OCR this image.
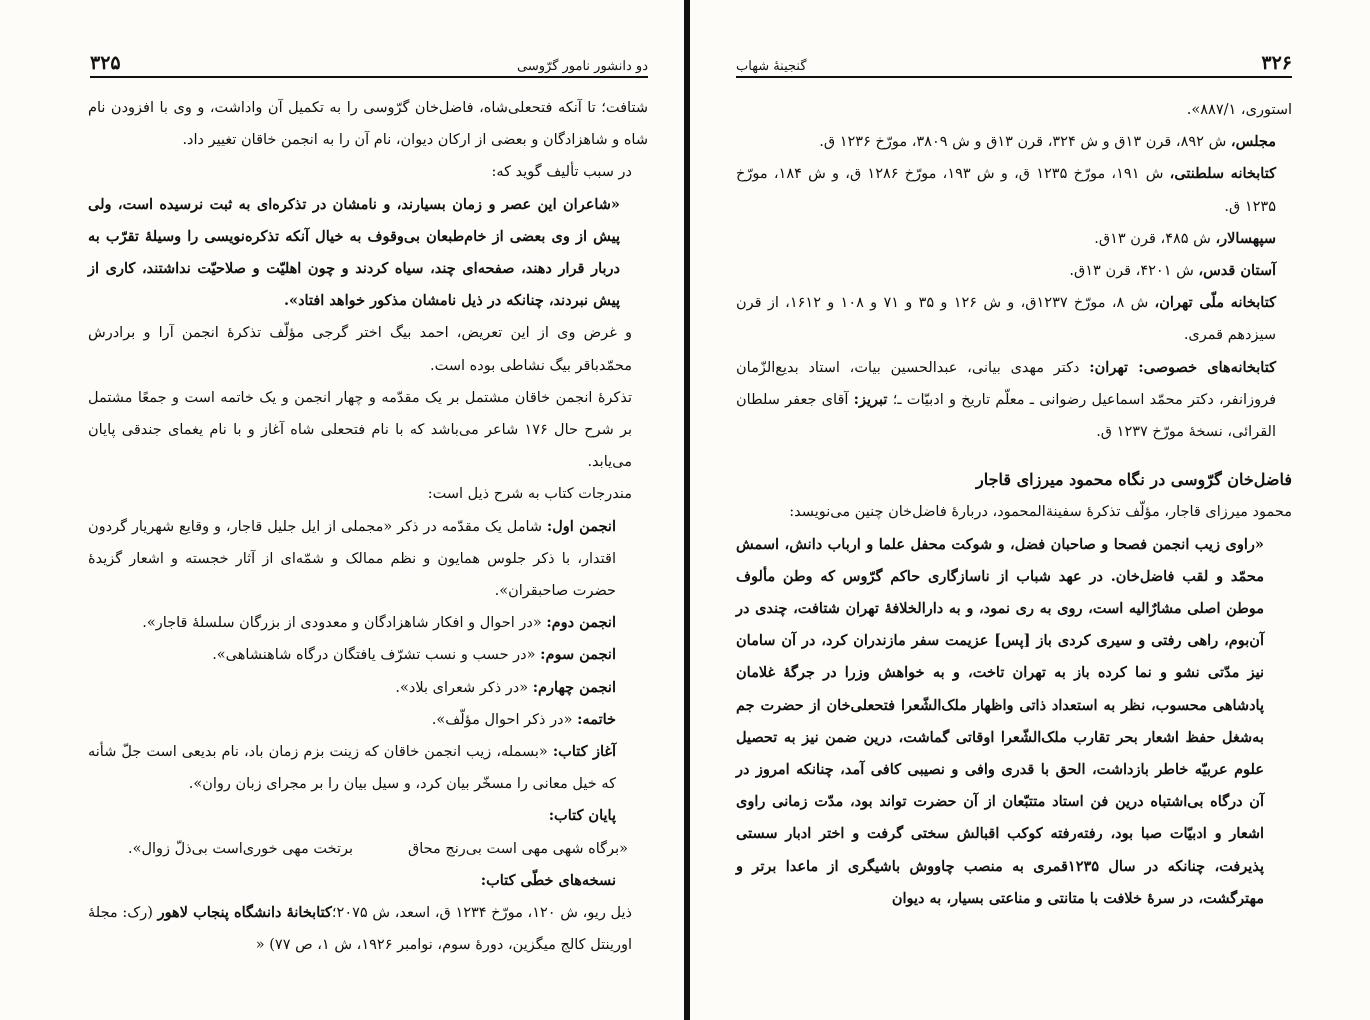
۳۲۵	دو دانشور نامور گرّوسی

شتافت؛ تا آنکه فتحعلی‌شاه، فاضل‌خان گرّوسی را به تکمیل آن واداشت، و وی با افزودن نام شاه و شاهزادگان و بعضی از ارکان دیوان، نام آن را به انجمن خاقان تغییر داد.

در سبب تألیف گوید که:

«شاعران این عصر و زمان بسیارند، و نامشان در تذکره‌ای به ثبت نرسیده است، ولی پیش از وی بعضی از خام‌طبعان بی‌وقوف به خیال آنکه تذکره‌نویسی را وسیلهٔ تقرّب به دربار قرار دهند، صفحه‌ای چند، سیاه کردند و چون اهلیّت و صلاحیّت نداشتند، کاری از پیش نبردند، چنانکه در ذیل نامشان مذکور خواهد افتاد».

و غرض وی از این تعریض، احمد بیگ اختر گرجی مؤلّف تذکرهٔ انجمن آرا و برادرش محمّدباقر بیگ نشاطی بوده است.

تذکرهٔ انجمن خاقان مشتمل بر یک مقدّمه و چهار انجمن و یک خاتمه است و جمعًا مشتمل بر شرح حال ۱۷۶ شاعر می‌باشد که با نام فتحعلی شاه آغاز و با نام یغمای جندقی پایان می‌یابد.

مندرجات کتاب به شرح ذیل است:

انجمن اول: شامل یک مقدّمه در ذکر «مجملی از ایل جلیل قاجار، و وقایع شهریار گردون اقتدار، با ذکر جلوس همایون و نظم ممالک و شمّه‌ای از آثار خجسته و اشعار گزیدهٔ حضرت صاحبقران».

انجمن دوم: «در احوال و افکار شاهزادگان و معدودی از بزرگان سلسلهٔ قاجار».

انجمن سوم: «در حسب و نسب تشرّف یافتگان درگاه شاهنشاهی».

انجمن چهارم: «در ذکر شعرای بلاد».

خاتمه: «در ذکر احوال مؤلّف».

آغاز کتاب: «بسمله، زیب انجمن خاقان که زینت بزم زمان باد، نام بدیعی است جلّ شأنه که خیل معانی را مسخّر بیان کرد، و سیل بیان را بر مجرای زبان روان».

پایان کتاب:

«برگاه شهی مهی است بی‌رنج محاق
برتخت مهی خوری‌است بی‌ذلّ زوال».

نسخه‌های خطّی کتاب:

ذیل ریو، ش ۱۲۰، مورّخ ۱۲۳۴ ق، اسعد، ش ۲۰۷۵؛کتابخانهٔ دانشگاه پنجاب لاهور (رک: مجلهٔ اورینتل کالج میگزین، دورهٔ سوم، نوامبر ۱۹۲۶، ش ۱، ص ۷۷) «

گنجینهٔ شهاب	۳۲۶

استوری، ۸۸۷/۱».

مجلس، ش ۸۹۲، قرن ۱۳ق و ش ۳۲۴، قرن ۱۳ق و ش ۳۸۰۹، مورّخ ۱۲۳۶ ق.

کتابخانه سلطنتی، ش ۱۹۱، مورّخ ۱۲۳۵ ق، و ش ۱۹۳، مورّخ ۱۲۸۶ ق، و ش ۱۸۴، مورّخ ۱۲۳۵ ق.

سپهسالار، ش ۴۸۵، قرن ۱۳ق.

آستان قدس، ش ۴۲۰۱، قرن ۱۳ق.

کتابخانه ملّی تهران، ش ۸، مورّخ ۱۲۳۷ق، و ش ۱۲۶ و ۳۵ و ۷۱ و ۱۰۸ و ۱۶۱۲، از قرن سیزدهم قمری.

کتابخانه‌های خصوصی: تهران: دکتر مهدی بیانی، عبدالحسین بیات، استاد بدیع‌الزّمان فروزانفر، دکتر محمّد اسماعیل رضوانی ـ معلّم تاریخ و ادبیّات ـ؛ تبریز: آقای جعفر سلطان القرائی، نسخهٔ مورّخ ۱۲۳۷ ق.

فاضل‌خان گرّوسی در نگاه محمود میرزای قاجار

محمود میرزای قاجار، مؤلّف تذکرهٔ سفینة‌المحمود، دربارهٔ فاضل‌خان چنین می‌نویسد:

«راوی زیب انجمن فصحا و صاحبان فضل، و شوکت محفل علما و ارباب دانش، اسمش محمّد و لقب فاضل‌خان. در عهد شباب از ناسازگاری حاکم گرّوس که وطن مألوف موطن اصلی مشارٌالیه است، روی به ری نمود، و به دارالخلافهٔ تهران شتافت، چندی در آن‌بوم، راهی رفتی و سیری کردی باز [پس] عزیمت سفر مازندران کرد، در آن سامان نیز مدّتی نشو و نما کرده باز به تهران تاخت، و به خواهش وزرا در جرگهٔ غلامان پادشاهی محسوب، نظر به استعداد ذاتی واظهار ملک‌الشّعرا فتحعلی‌خان از حضرت جم به‌شغل حفظ اشعار بحر تقارب ملک‌الشّعرا اوقاتی گماشت، درین ضمن نیز به تحصیل علوم عربیّه خاطر بازداشت، الحق با قدری وافی و نصیبی کافی آمد، چنانکه امروز در آن درگاه بی‌اشتباه درین فن استاد متتبّعان از آن حضرت تواند بود، مدّت زمانی راوی اشعار و ادبیّات صبا بود، رفته‌رفته کوکب اقبالش سختی گرفت و اختر ادبار سستی پذیرفت، چنانکه در سال ۱۲۳۵قمری به منصب چاووش باشیگری از ماعدا برتر و مهترگشت، در سرهٔ خلافت با متانتی و مناعتی بسیار، به دیوان
